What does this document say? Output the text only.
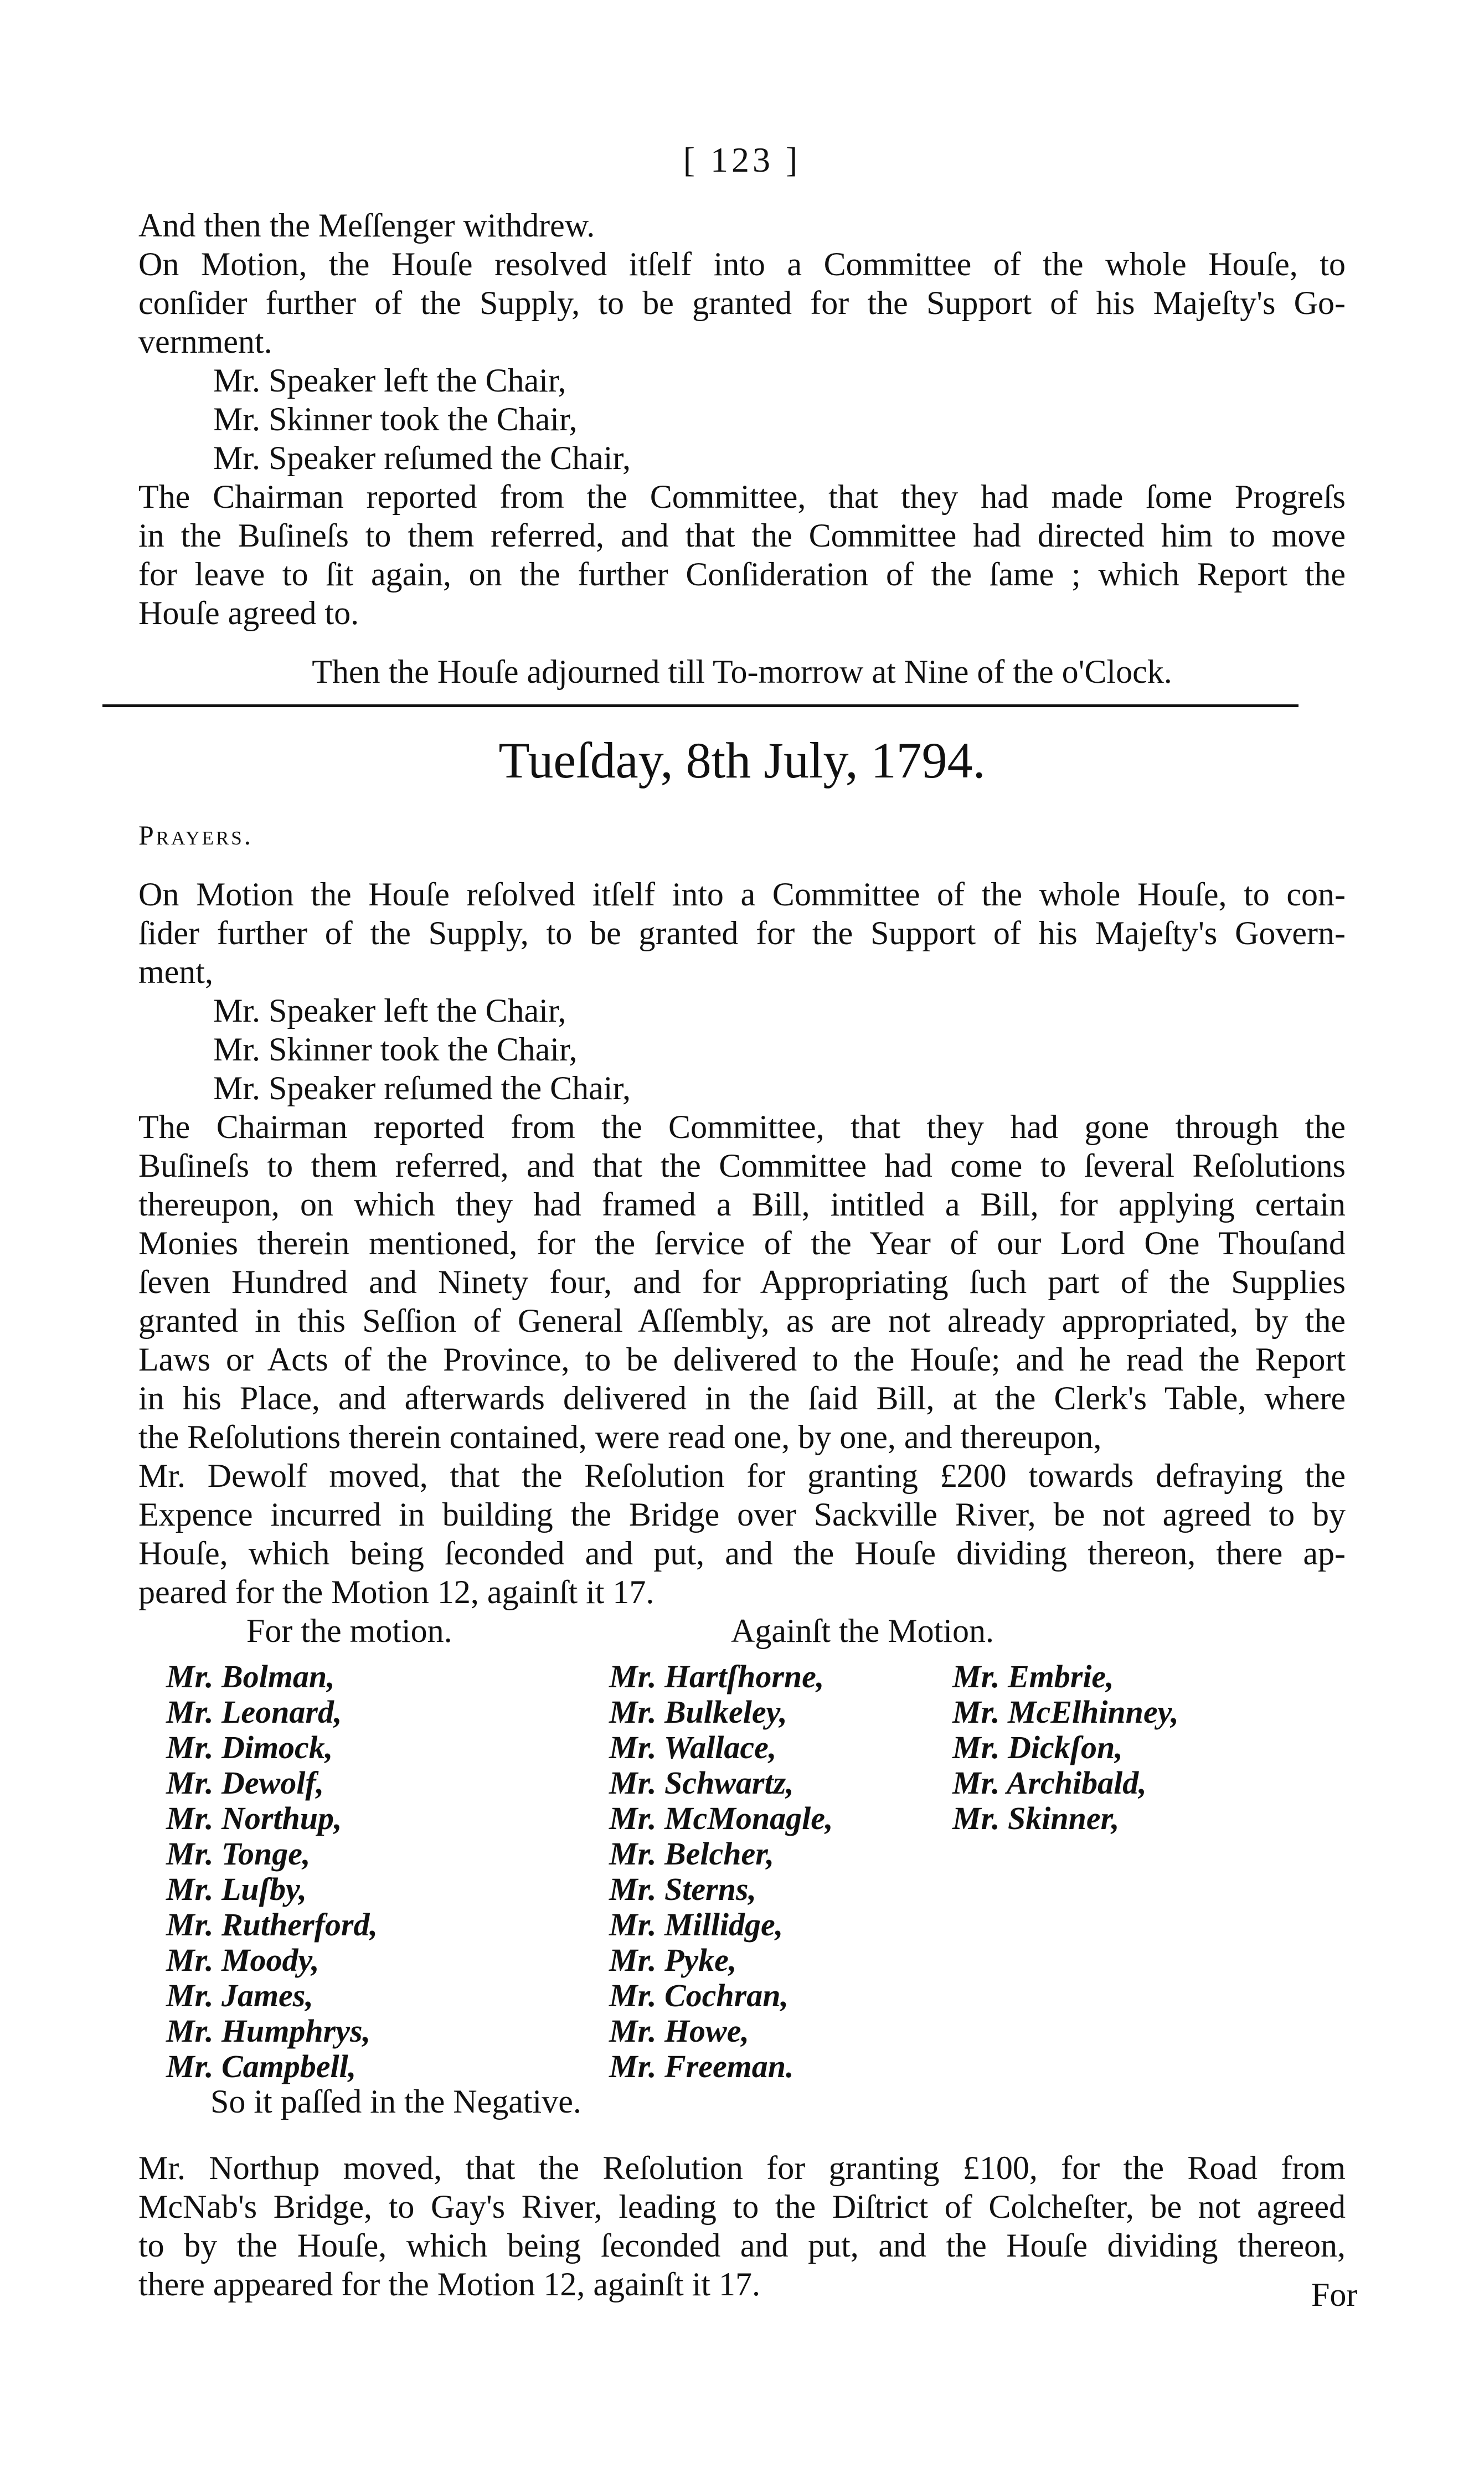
[ 123 ]
And then the Meſſenger withdrew.
On Motion, the Houſe resolved itſelf into a Committee of the whole Houſe, to
conſider further of the Supply, to be granted for the Support of his Majeſty's Go-
vernment.
Mr. Speaker left the Chair,
Mr. Skinner took the Chair,
Mr. Speaker reſumed the Chair,
The Chairman reported from the Committee, that they had made ſome Progreſs
in the Buſineſs to them referred, and that the Committee had directed him to move
for leave to ſit again, on the further Conſideration of the ſame ; which Report the
Houſe agreed to.
Then the Houſe adjourned till To-morrow at Nine of the o'Clock.
Tueſday, 8th July, 1794.
Prayers.
On Motion the Houſe reſolved itſelf into a Committee of the whole Houſe, to con-
ſider further of the Supply, to be granted for the Support of his Majeſty's Govern-
ment,
Mr. Speaker left the Chair,
Mr. Skinner took the Chair,
Mr. Speaker reſumed the Chair,
The Chairman reported from the Committee, that they had gone through the
Buſineſs to them referred, and that the Committee had come to ſeveral Reſolutions
thereupon, on which they had framed a Bill, intitled a Bill, for applying certain
Monies therein mentioned, for the ſervice of the Year of our Lord One Thouſand
ſeven Hundred and Ninety four, and for Appropriating ſuch part of the Supplies
granted in this Seſſion of General Aſſembly, as are not already appropriated, by the
Laws or Acts of the Province, to be delivered to the Houſe; and he read the Report
in his Place, and afterwards delivered in the ſaid Bill, at the Clerk's Table, where
the Reſolutions therein contained, were read one, by one, and thereupon,
Mr. Dewolf moved, that the Reſolution for granting £200 towards defraying the
Expence incurred in building the Bridge over Sackville River, be not agreed to by
Houſe, which being ſeconded and put, and the Houſe dividing thereon, there ap-
peared for the Motion 12, againſt it 17.
For the motion.	Againſt the Motion.
Mr. Bolman,
Mr. Leonard,
Mr. Dimock,
Mr. Dewolf,
Mr. Northup,
Mr. Tonge,
Mr. Luſby,
Mr. Rutherford,
Mr. Moody,
Mr. James,
Mr. Humphrys,
Mr. Campbell,
Mr. Hartſhorne,
Mr. Bulkeley,
Mr. Wallace,
Mr. Schwartz,
Mr. McMonagle,
Mr. Belcher,
Mr. Sterns,
Mr. Millidge,
Mr. Pyke,
Mr. Cochran,
Mr. Howe,
Mr. Freeman.
Mr. Embrie,
Mr. McElhinney,
Mr. Dickſon,
Mr. Archibald,
Mr. Skinner,
So it paſſed in the Negative.
Mr. Northup moved, that the Reſolution for granting £100, for the Road from
McNab's Bridge, to Gay's River, leading to the Diſtrict of Colcheſter, be not agreed
to by the Houſe, which being ſeconded and put, and the Houſe dividing thereon,
there appeared for the Motion 12, againſt it 17.	For
